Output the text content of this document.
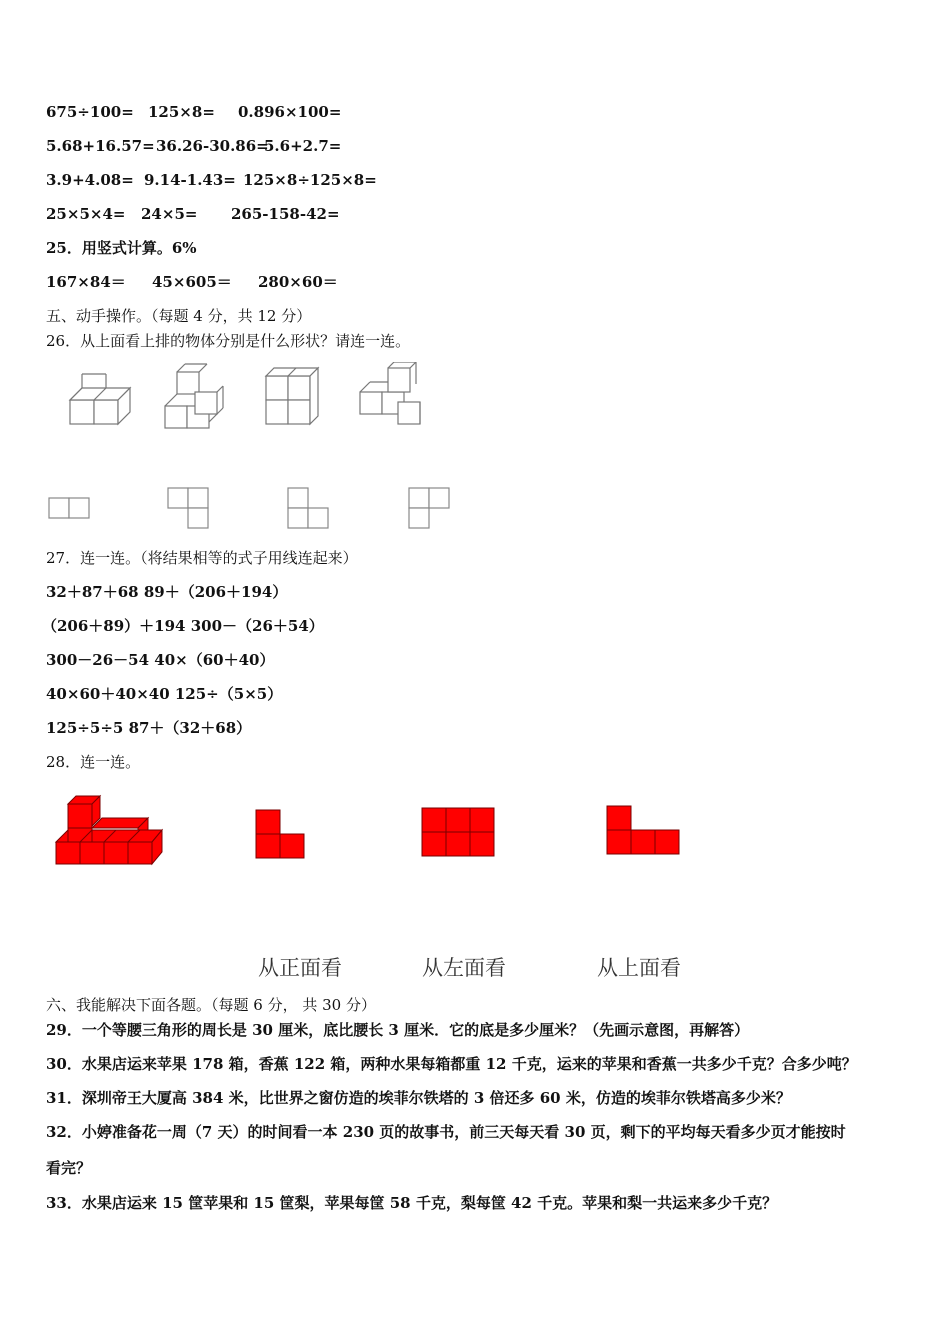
675÷100= 125×8= 0.896×100=
5.68+16.57=36.26-30.86=5.6+2.7=
3.9+4.08= 9.14-1.43= 125×8÷125×8=
25×5×4= 24×5= 265-158-42=
25．用竖式计算。6%
167×84＝ 45×605＝ 280×60＝
五、动手操作。（每题 4 分，共 12 分）
26．从上面看上排的物体分别是什么形状？请连一连。
27．连一连。（将结果相等的式子用线连起来）
32＋87＋68 89＋（206＋194）
（206＋89）＋194 300－（26＋54）
300－26－54 40×（60＋40）
40×60＋40×40 125÷（5×5）
125÷5÷5 87＋（32＋68）
28．连一连。
从正面看	从左面看	从上面看
六、我能解决下面各题。（每题 6 分， 共 30 分）
29．一个等腰三角形的周长是 30 厘米，底比腰长 3 厘米．它的底是多少厘米？（先画示意图，再解答）
30．水果店运来苹果 178 箱，香蕉 122 箱，两种水果每箱都重 12 千克，运来的苹果和香蕉一共多少千克？合多少吨？
31．深圳帝王大厦高 384 米，比世界之窗仿造的埃菲尔铁塔的 3 倍还多 60 米，仿造的埃菲尔铁塔高多少米？
32．小婷准备花一周（7 天）的时间看一本 230 页的故事书，前三天每天看 30 页，剩下的平均每天看多少页才能按时
看完？
33．水果店运来 15 筐苹果和 15 筐梨，苹果每筐 58 千克，梨每筐 42 千克。苹果和梨一共运来多少千克？
